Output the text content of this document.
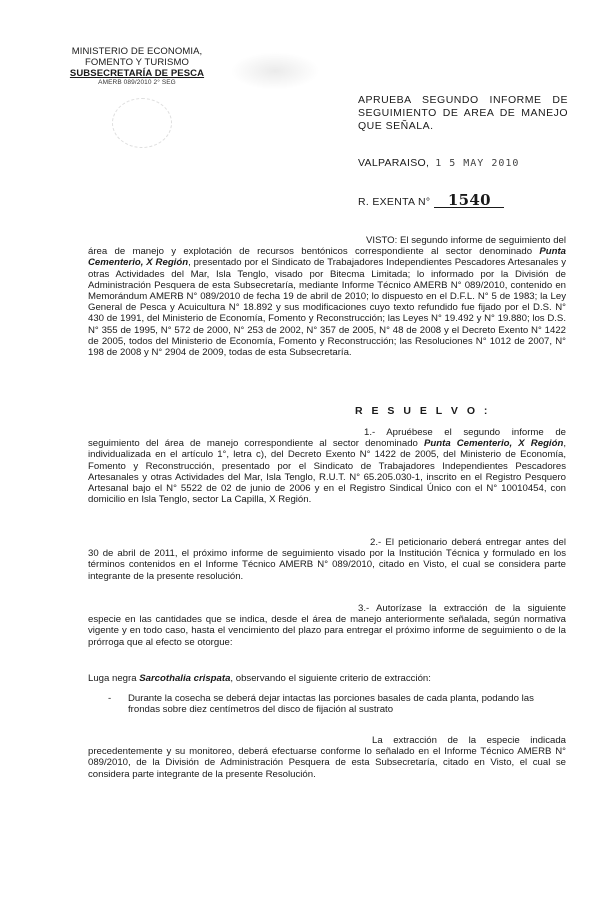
MINISTERIO DE ECONOMIA,
FOMENTO Y TURISMO
SUBSECRETARÍA DE PESCA
AMERB 089/2010 2° SEG
APRUEBA SEGUNDO INFORME DE SEGUIMIENTO DE AREA DE MANEJO QUE SEÑALA.
VALPARAISO, 1 5 MAY 2010
R. EXENTA N° 1540
VISTO: El segundo informe de seguimiento del área de manejo y explotación de recursos bentónicos correspondiente al sector denominado Punta Cementerio, X Región, presentado por el Sindicato de Trabajadores Independientes Pescadores Artesanales y otras Actividades del Mar, Isla Tenglo, visado por Bitecma Limitada; lo informado por la División de Administración Pesquera de esta Subsecretaría, mediante Informe Técnico AMERB N° 089/2010, contenido en Memorándum AMERB N° 089/2010 de fecha 19 de abril de 2010; lo dispuesto en el D.F.L. N° 5 de 1983; la Ley General de Pesca y Acuicultura N° 18.892 y sus modificaciones cuyo texto refundido fue fijado por el D.S. N° 430 de 1991, del Ministerio de Economía, Fomento y Reconstrucción; las Leyes N° 19.492 y N° 19.880; los D.S. N° 355 de 1995, N° 572 de 2000, N° 253 de 2002, N° 357 de 2005, N° 48 de 2008 y el Decreto Exento N° 1422 de 2005, todos del Ministerio de Economía, Fomento y Reconstrucción; las Resoluciones N° 1012 de 2007, N° 198 de 2008 y N° 2904 de 2009, todas de esta Subsecretaría.
R E S U E L V O :
1.- Apruébese el segundo informe de seguimiento del área de manejo correspondiente al sector denominado Punta Cementerio, X Región, individualizada en el artículo 1°, letra c), del Decreto Exento N° 1422 de 2005, del Ministerio de Economía, Fomento y Reconstrucción, presentado por el Sindicato de Trabajadores Independientes Pescadores Artesanales y otras Actividades del Mar, Isla Tenglo, R.U.T. N° 65.205.030-1, inscrito en el Registro Pesquero Artesanal bajo el N° 5522 de 02 de junio de 2006 y en el Registro Sindical Único con el N° 10010454, con domicilio en Isla Tenglo, sector La Capilla, X Región.
2.- El peticionario deberá entregar antes del 30 de abril de 2011, el próximo informe de seguimiento visado por la Institución Técnica y formulado en los términos contenidos en el Informe Técnico AMERB N° 089/2010, citado en Visto, el cual se considera parte integrante de la presente resolución.
3.- Autorízase la extracción de la siguiente especie en las cantidades que se indica, desde el área de manejo anteriormente señalada, según normativa vigente y en todo caso, hasta el vencimiento del plazo para entregar el próximo informe de seguimiento o de la prórroga que al efecto se otorgue:
Luga negra Sarcothalia crispata, observando el siguiente criterio de extracción:
- Durante la cosecha se deberá dejar intactas las porciones basales de cada planta, podando las frondas sobre diez centímetros del disco de fijación al sustrato
La extracción de la especie indicada precedentemente y su monitoreo, deberá efectuarse conforme lo señalado en el Informe Técnico AMERB N° 089/2010, de la División de Administración Pesquera de esta Subsecretaría, citado en Visto, el cual se considera parte integrante de la presente Resolución.
